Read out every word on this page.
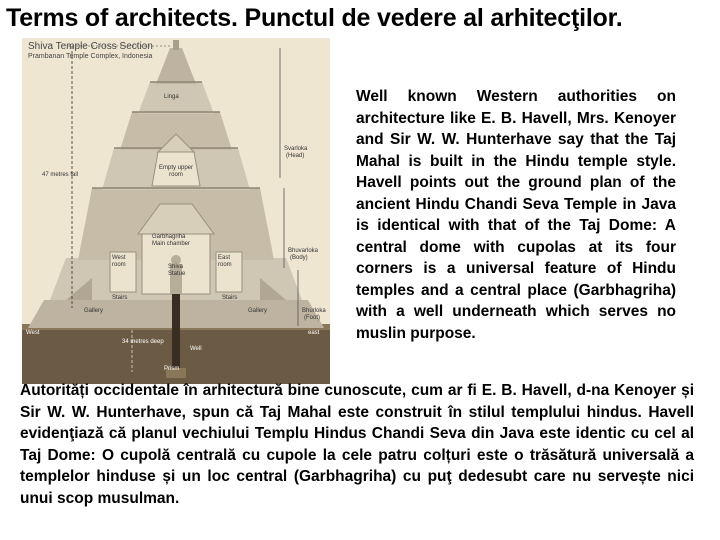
Terms of architects. Punctul de vedere al arhitecţilor.
Shiva Temple Cross Section
Prambanan Temple Complex, Indonesia
Linga
47 metres tall
Svarloka
(Head)
Empty upper room
Garbhagriha
Main chamber
Bhuvarloka
(Body)
West room	Shiva Statue
East room
Stairs	Stairs
Gallery	Gallery	Bhurloka
(Foot)
West	east
34 metres deep
Well
Prism
Well known Western authorities on architecture like E. B. Havell, Mrs. Kenoyer and Sir W. W. Hunterhave say that the Taj Mahal is built in the Hindu temple style. Havell points out the ground plan of the ancient Hindu Chandi Seva Temple in Java is identical with that of the Taj Dome: A central dome with cupolas at its four corners is a universal feature of Hindu temples and a central place (Garbhagriha) with a well underneath which serves no muslin purpose.
Autorități occidentale în arhitectură bine cunoscute, cum ar fi E. B. Havell, d-na Kenoyer și Sir W. W. Hunterhave, spun că Taj Mahal este construit în stilul templului hindus. Havell evidenţiază că planul vechiului Templu Hindus Chandi Seva din Java este identic cu cel al Taj Dome: O cupolă centrală cu cupole la cele patru colțuri este o trăsătură universală a templelor hinduse și un loc central (Garbhagriha) cu puţ dedesubt care nu servește nici unui scop musulman.
